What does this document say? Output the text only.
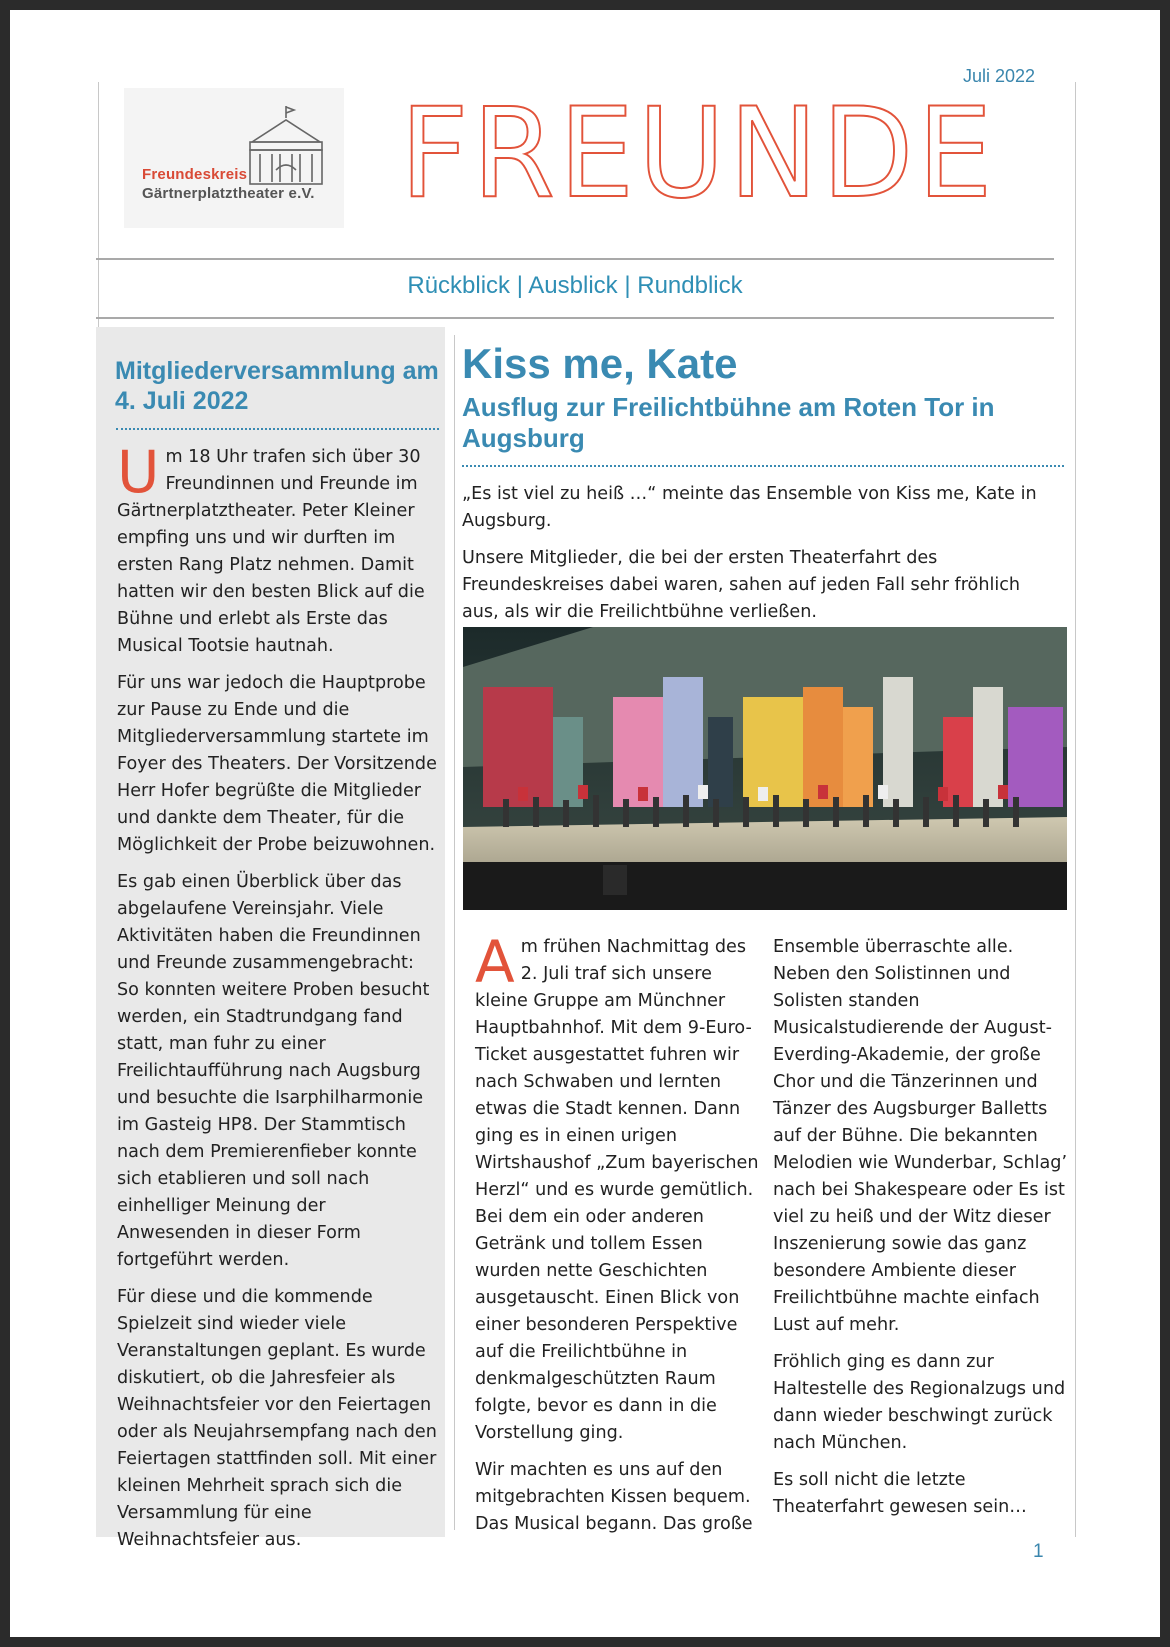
Juli 2022
Freundeskreis
Gärtnerplatztheater e.V. FREUNDE
Rückblick | Ausblick | Rundblick
Mitgliederversammlung am 4. Juli 2022

Um 18 Uhr trafen sich über 30 Freundinnen und Freunde im Gärtnerplatztheater. Peter Kleiner empfing uns und wir durften im ersten Rang Platz nehmen. Damit hatten wir den besten Blick auf die Bühne und erlebt als Erste das Musical Tootsie hautnah.

Für uns war jedoch die Hauptprobe zur Pause zu Ende und die Mitgliederversammlung startete im Foyer des Theaters. Der Vorsitzende Herr Hofer begrüßte die Mitglieder und dankte dem Theater, für die Möglichkeit der Probe beizuwohnen.

Es gab einen Überblick über das abgelaufene Vereinsjahr. Viele Aktivitäten haben die Freundinnen und Freunde zusammengebracht: So konnten weitere Proben besucht werden, ein Stadtrundgang fand statt, man fuhr zu einer Freilichtaufführung nach Augsburg und besuchte die Isarphilharmonie im Gasteig HP8. Der Stammtisch nach dem Premierenfieber konnte sich etablieren und soll nach einhelliger Meinung der Anwesenden in dieser Form fortgeführt werden.

Für diese und die kommende Spielzeit sind wieder viele Veranstaltungen geplant. Es wurde diskutiert, ob die Jahresfeier als Weihnachtsfeier vor den Feiertagen oder als Neujahrsempfang nach den Feiertagen stattfinden soll. Mit einer kleinen Mehrheit sprach sich die Versammlung für eine Weihnachtsfeier aus.

Kiss me, Kate
Ausflug zur Freilichtbühne am Roten Tor in Augsburg

„Es ist viel zu heiß …“ meinte das Ensemble von Kiss me, Kate in Augsburg.

Unsere Mitglieder, die bei der ersten Theaterfahrt des Freundeskreises dabei waren, sahen auf jeden Fall sehr fröhlich aus, als wir die Freilichtbühne verließen.

Am frühen Nachmittag des 2. Juli traf sich unsere kleine Gruppe am Münchner Hauptbahnhof. Mit dem 9-Euro-Ticket ausgestattet fuhren wir nach Schwaben und lernten etwas die Stadt kennen. Dann ging es in einen urigen Wirtshaushof „Zum bayerischen Herzl“ und es wurde gemütlich. Bei dem ein oder anderen Getränk und tollem Essen wurden nette Geschichten ausgetauscht. Einen Blick von einer besonderen Perspektive auf die Freilichtbühne in denkmalgeschützten Raum folgte, bevor es dann in die Vorstellung ging.

Wir machten es uns auf den mitgebrachten Kissen bequem. Das Musical begann. Das große

Ensemble überraschte alle. Neben den Solistinnen und Solisten standen Musicalstudierende der August-Everding-Akademie, der große Chor und die Tänzerinnen und Tänzer des Augsburger Balletts auf der Bühne. Die bekannten Melodien wie Wunderbar, Schlag’ nach bei Shakespeare oder Es ist viel zu heiß und der Witz dieser Inszenierung sowie das ganz besondere Ambiente dieser Freilichtbühne machte einfach Lust auf mehr.

Fröhlich ging es dann zur Haltestelle des Regionalzugs und dann wieder beschwingt zurück nach München.

Es soll nicht die letzte Theaterfahrt gewesen sein…

1
